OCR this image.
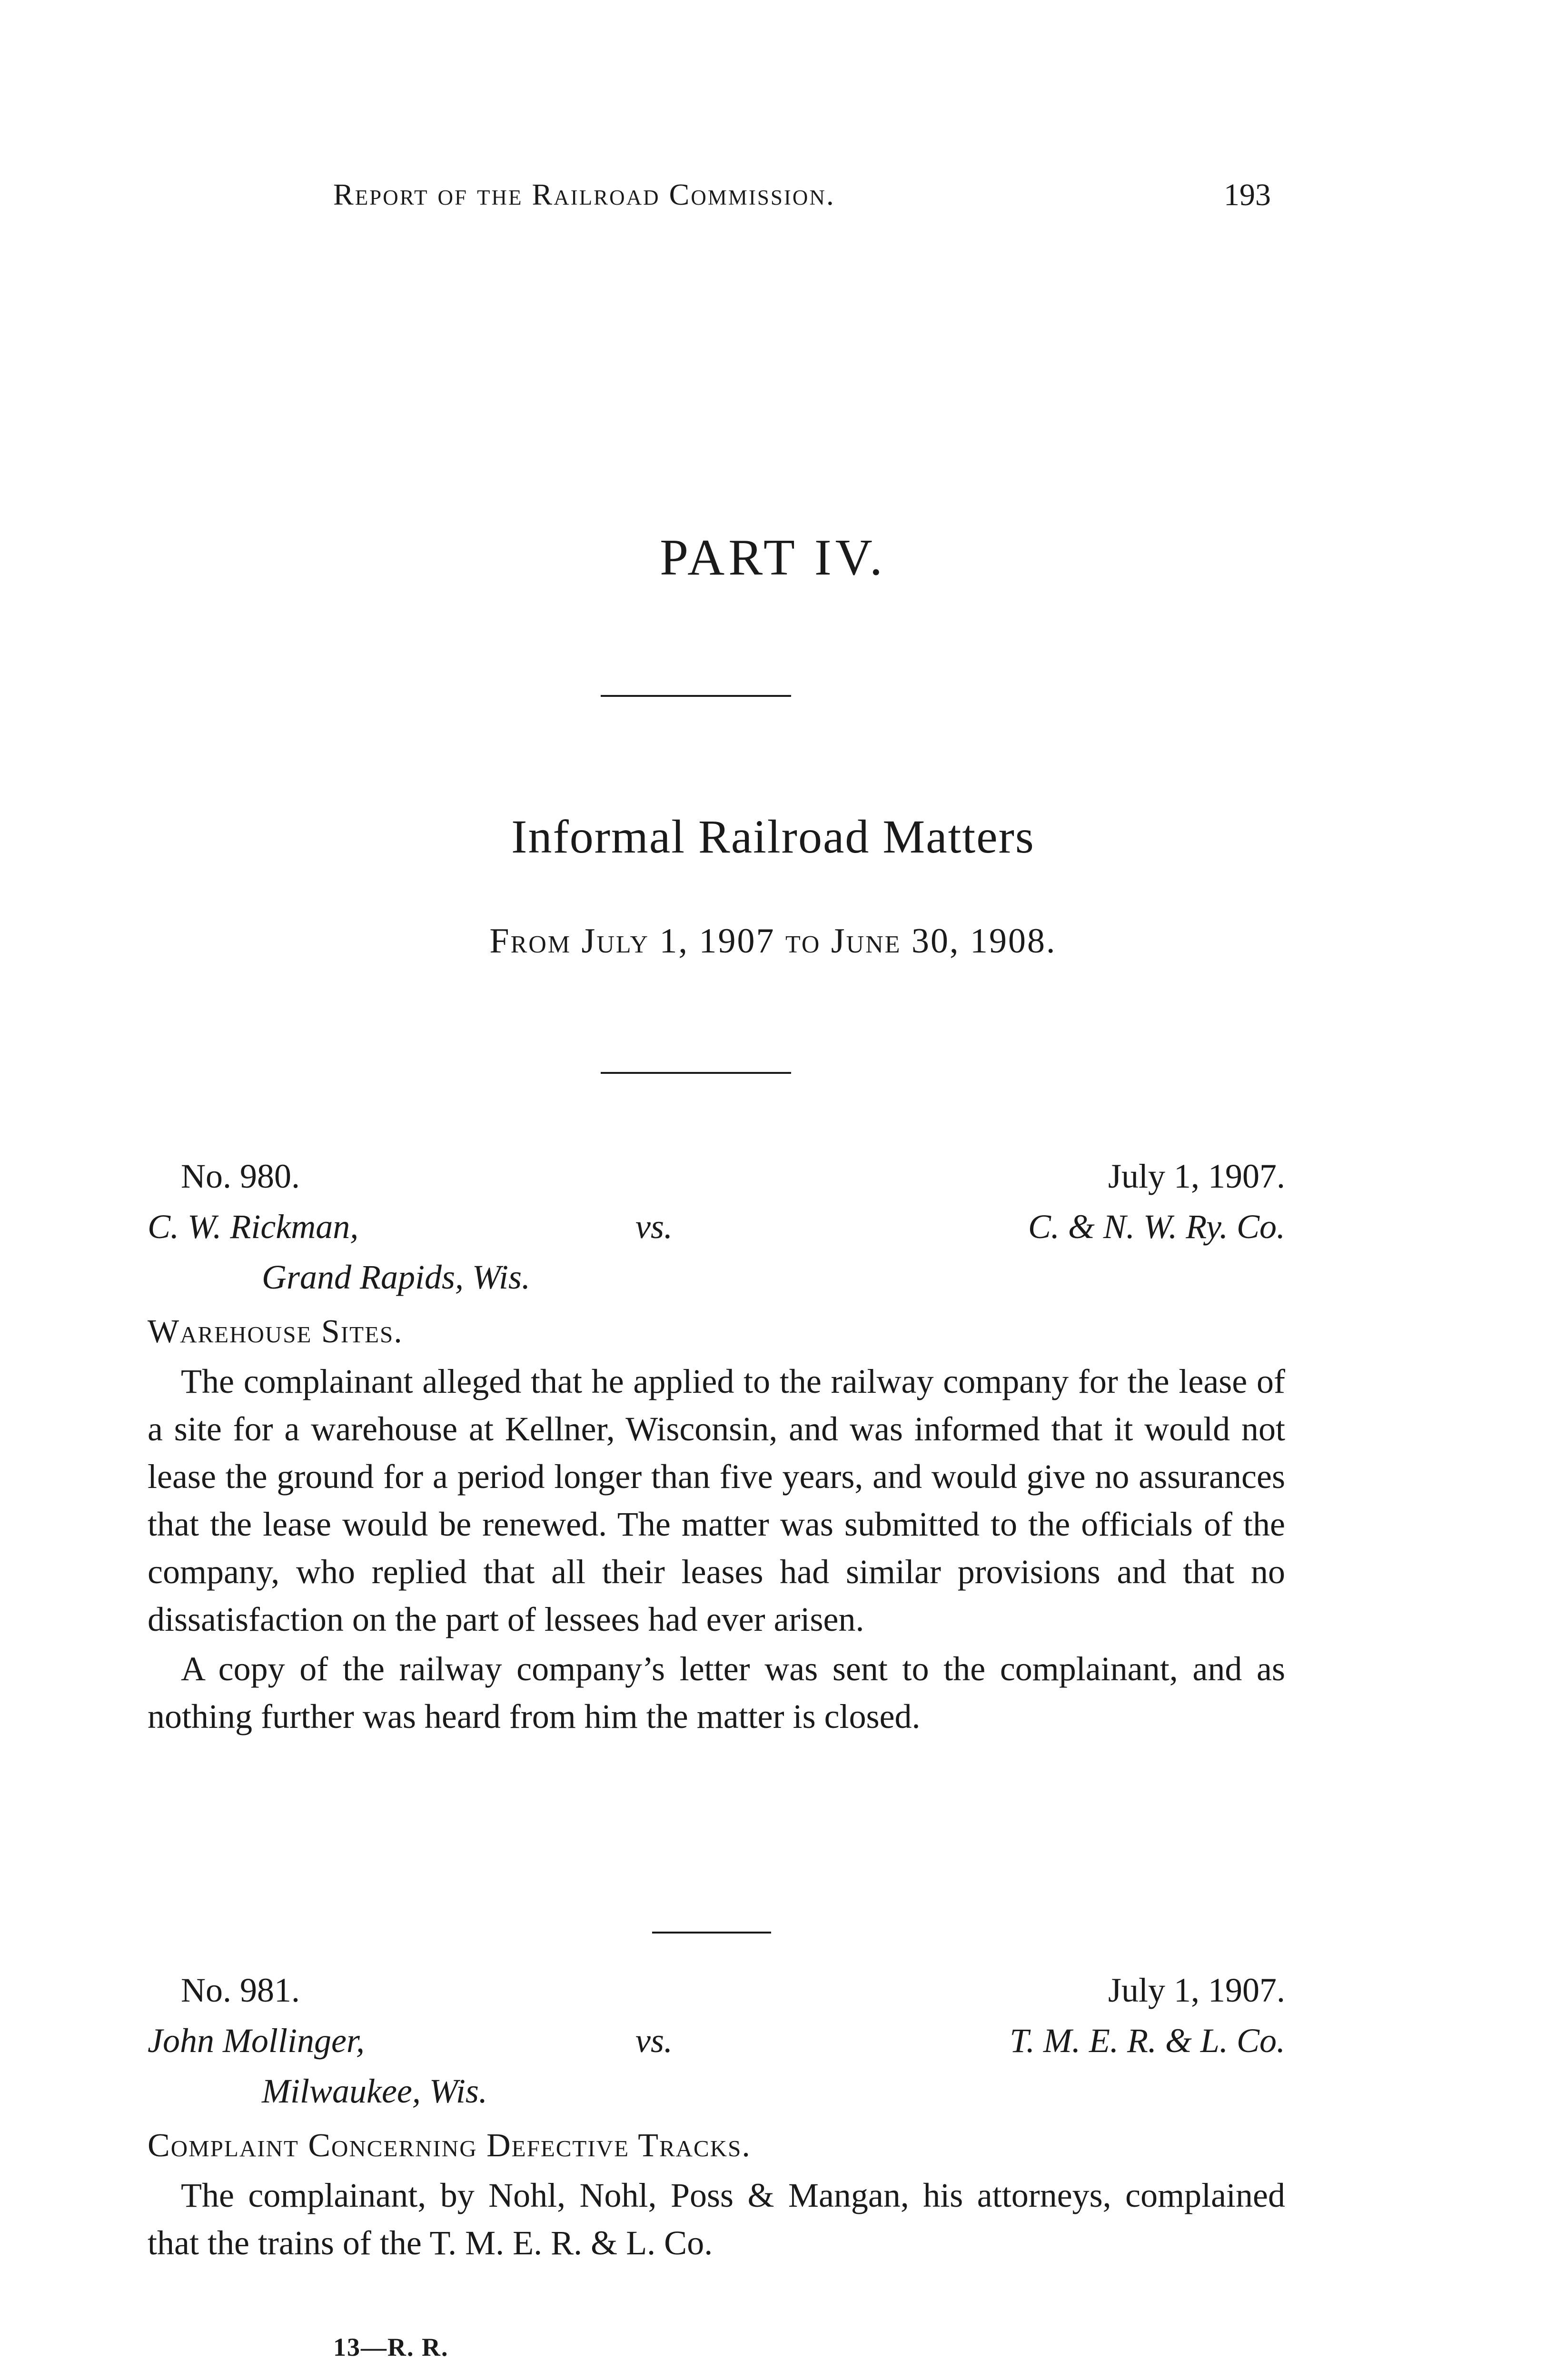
Report of the Railroad Commission.	193
PART IV.
Informal Railroad Matters
From July 1, 1907 to June 30, 1908.
No. 980.	July 1, 1907.
C. W. Rickman,	vs.	C. & N. W. Ry. Co.
Grand Rapids, Wis.
Warehouse Sites.

The complainant alleged that he applied to the railway company for the lease of a site for a warehouse at Kellner, Wisconsin, and was informed that it would not lease the ground for a period longer than five years, and would give no assurances that the lease would be renewed. The matter was submitted to the officials of the company, who replied that all their leases had similar provisions and that no dissatisfaction on the part of lessees had ever arisen.

A copy of the railway company’s letter was sent to the complainant, and as nothing further was heard from him the matter is closed.

No. 981.	July 1, 1907.
John Mollinger,	vs.	T. M. E. R. & L. Co.
Milwaukee, Wis.
Complaint Concerning Defective Tracks.

The complainant, by Nohl, Nohl, Poss & Mangan, his attorneys, complained that the trains of the T. M. E. R. & L. Co.

13—R. R.
